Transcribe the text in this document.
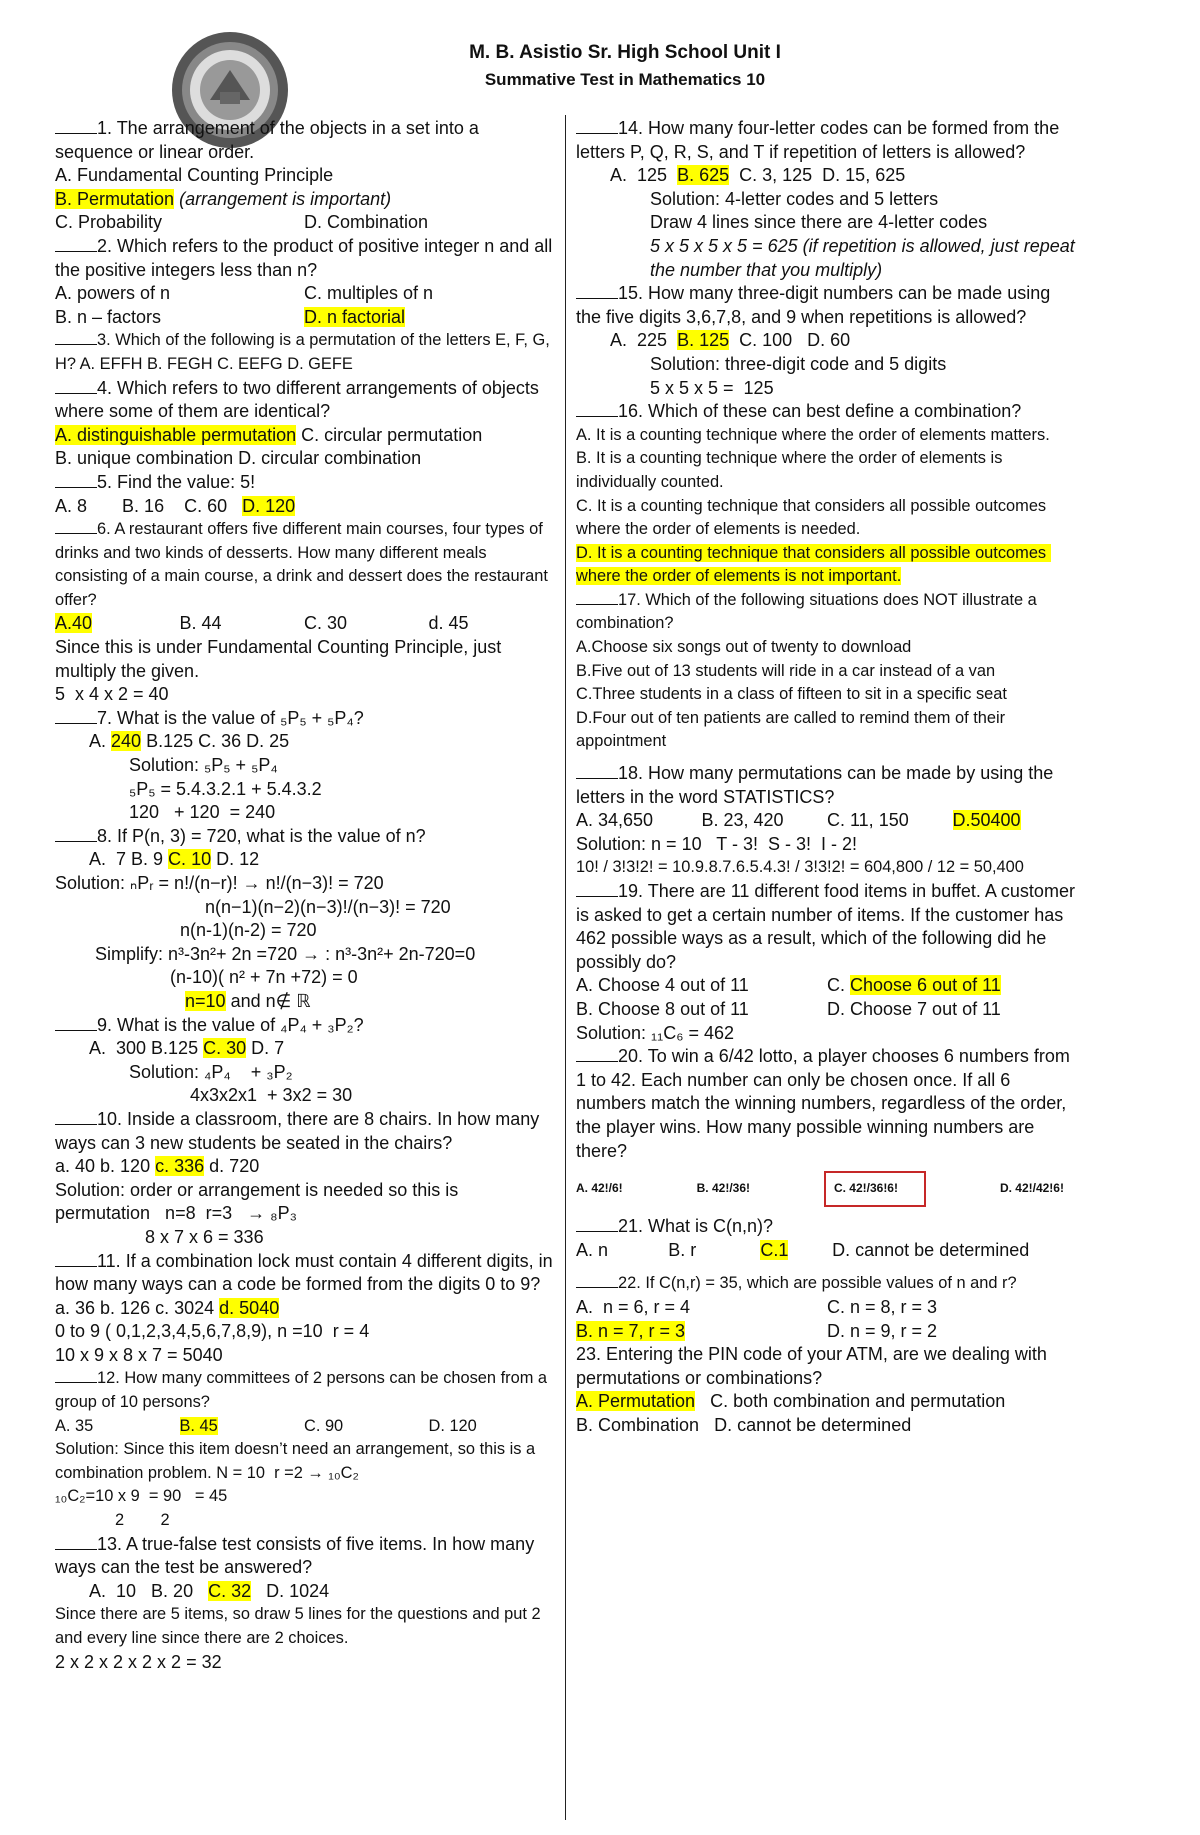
M. B. Asistio Sr. High School Unit I
Summative Test in Mathematics 10

1. The arrangement of the objects in a set into a sequence or linear order.

A. Fundamental Counting Principle

B. Permutation (arrangement is important)

C. Probability	D. Combination

2. Which refers to the product of positive integer n and all the positive integers less than n?

A. powers of n	C. multiples of n

B. n – factors	D. n factorial

3. Which of the following is a permutation of the letters E, F, G, H? A. EFFH B. FEGH C. EEFG D. GEFE

4. Which refers to two different arrangements of objects where some of them are identical?

A. distinguishable permutation C. circular permutation

B. unique combination D. circular combination

5. Find the value: 5!

A. 8 B. 16 C. 60 D. 120

6. A restaurant offers five different main courses, four types of drinks and two kinds of desserts. How many different meals consisting of a main course, a drink and dessert does the restaurant offer?

A.40	B. 44	C. 30	d. 45

Since this is under Fundamental Counting Principle, just multiply the given.

5  x 4 x 2 = 40

7. What is the value of ₅P₅ + ₅P₄?

A. 240 B.125 C. 36 D. 25

Solution: ₅P₅ + ₅P₄

₅P₅ = 5.4.3.2.1 + 5.4.3.2

120   + 120  = 240

8. If P(n, 3) = 720, what is the value of n?

A.  7 B. 9 C. 10 D. 12

Solution: ₙPᵣ = n!/(n−r)! → n!/(n−3)! = 720

n(n−1)(n−2)(n−3)!/(n−3)! = 720

n(n-1)(n-2) = 720

Simplify: n³-3n²+ 2n =720 → : n³-3n²+ 2n-720=0

(n-10)( n² + 7n +72) = 0

n=10 and n∉ ℝ

9. What is the value of ₄P₄ + ₃P₂?

A.  300 B.125 C. 30 D. 7

Solution: ₄P₄    + ₃P₂

4x3x2x1  + 3x2 = 30

10. Inside a classroom, there are 8 chairs. In how many ways can 3 new students be seated in the chairs?

a. 40 b. 120 c. 336 d. 720

Solution: order or arrangement is needed so this is permutation   n=8  r=3   → ₈P₃

8 x 7 x 6 = 336

11. If a combination lock must contain 4 different digits, in how many ways can a code be formed from the digits 0 to 9? a. 36 b. 126 c. 3024 d. 5040

0 to 9 ( 0,1,2,3,4,5,6,7,8,9), n =10  r = 4

10 x 9 x 8 x 7 = 5040

12. How many committees of 2 persons can be chosen from a group of 10 persons?

A. 35	B. 45	C. 90	D. 120

Solution: Since this item doesn’t need an arrangement, so this is a combination problem. N = 10  r =2 → ₁₀C₂

₁₀C₂=10 x 9  = 90   = 45

2        2

13. A true-false test consists of five items. In how many ways can the test be answered?

A.  10 B. 20 C. 32 D. 1024

Since there are 5 items, so draw 5 lines for the questions and put 2 and every line since there are 2 choices.

2 x 2 x 2 x 2 x 2 = 32

14. How many four-letter codes can be formed from the letters P, Q, R, S, and T if repetition of letters is allowed?

A.  125 B. 625 C. 3, 125  D. 15, 625

Solution: 4-letter codes and 5 letters

Draw 4 lines since there are 4-letter codes

5 x 5 x 5 x 5 = 625 (if repetition is allowed, just repeat the number that you multiply)

15. How many three-digit numbers can be made using the five digits 3,6,7,8, and 9 when repetitions is allowed?

A.  225 B. 125 C. 100   D. 60

Solution: three-digit code and 5 digits

5 x 5 x 5 =  125

16. Which of these can best define a combination?

A. It is a counting technique where the order of elements matters.

B. It is a counting technique where the order of elements is individually counted.

C. It is a counting technique that considers all possible outcomes where the order of elements is needed.

D. It is a counting technique that considers all possible outcomes where the order of elements is not important.

17. Which of the following situations does NOT illustrate a combination?

A.Choose six songs out of twenty to download

B.Five out of 13 students will ride in a car instead of a van

C.Three students in a class of fifteen to sit in a specific seat

D.Four out of ten patients are called to remind them of their appointment

18. How many permutations can be made by using the letters in the word STATISTICS?

A. 34,650	B. 23, 420	C. 11, 150	D.50400

Solution: n = 10   T - 3!  S - 3!  I - 2!

10! / 3!3!2! = 10.9.8.7.6.5.4.3! / 3!3!2! = 604,800 / 12 = 50,400

19. There are 11 different food items in buffet. A customer is asked to get a certain number of items. If the customer has 462 possible ways as a result, which of the following did he possibly do?

A. Choose 4 out of 11	C. Choose 6 out of 11

B. Choose 8 out of 11	D. Choose 7 out of 11

Solution: ₁₁C₆ = 462

20. To win a 6/42 lotto, a player chooses 6 numbers from 1 to 42. Each number can only be chosen once. If all 6 numbers match the winning numbers, regardless of the order, the player wins. How many possible winning numbers are there?

A. 42!/6!	B. 42!/36!	C. 42!/36!6!	D. 42!/42!6!

21. What is C(n,n)?

A. n	B. r	C.1	D. cannot be determined

22. If C(n,r) = 35, which are possible values of n and r?

A.  n = 6, r = 4	C. n = 8, r = 3

B. n = 7, r = 3	D. n = 9, r = 2

23. Entering the PIN code of your ATM, are we dealing with permutations or combinations?

A. Permutation C. both combination and permutation

B. Combination D. cannot be determined
